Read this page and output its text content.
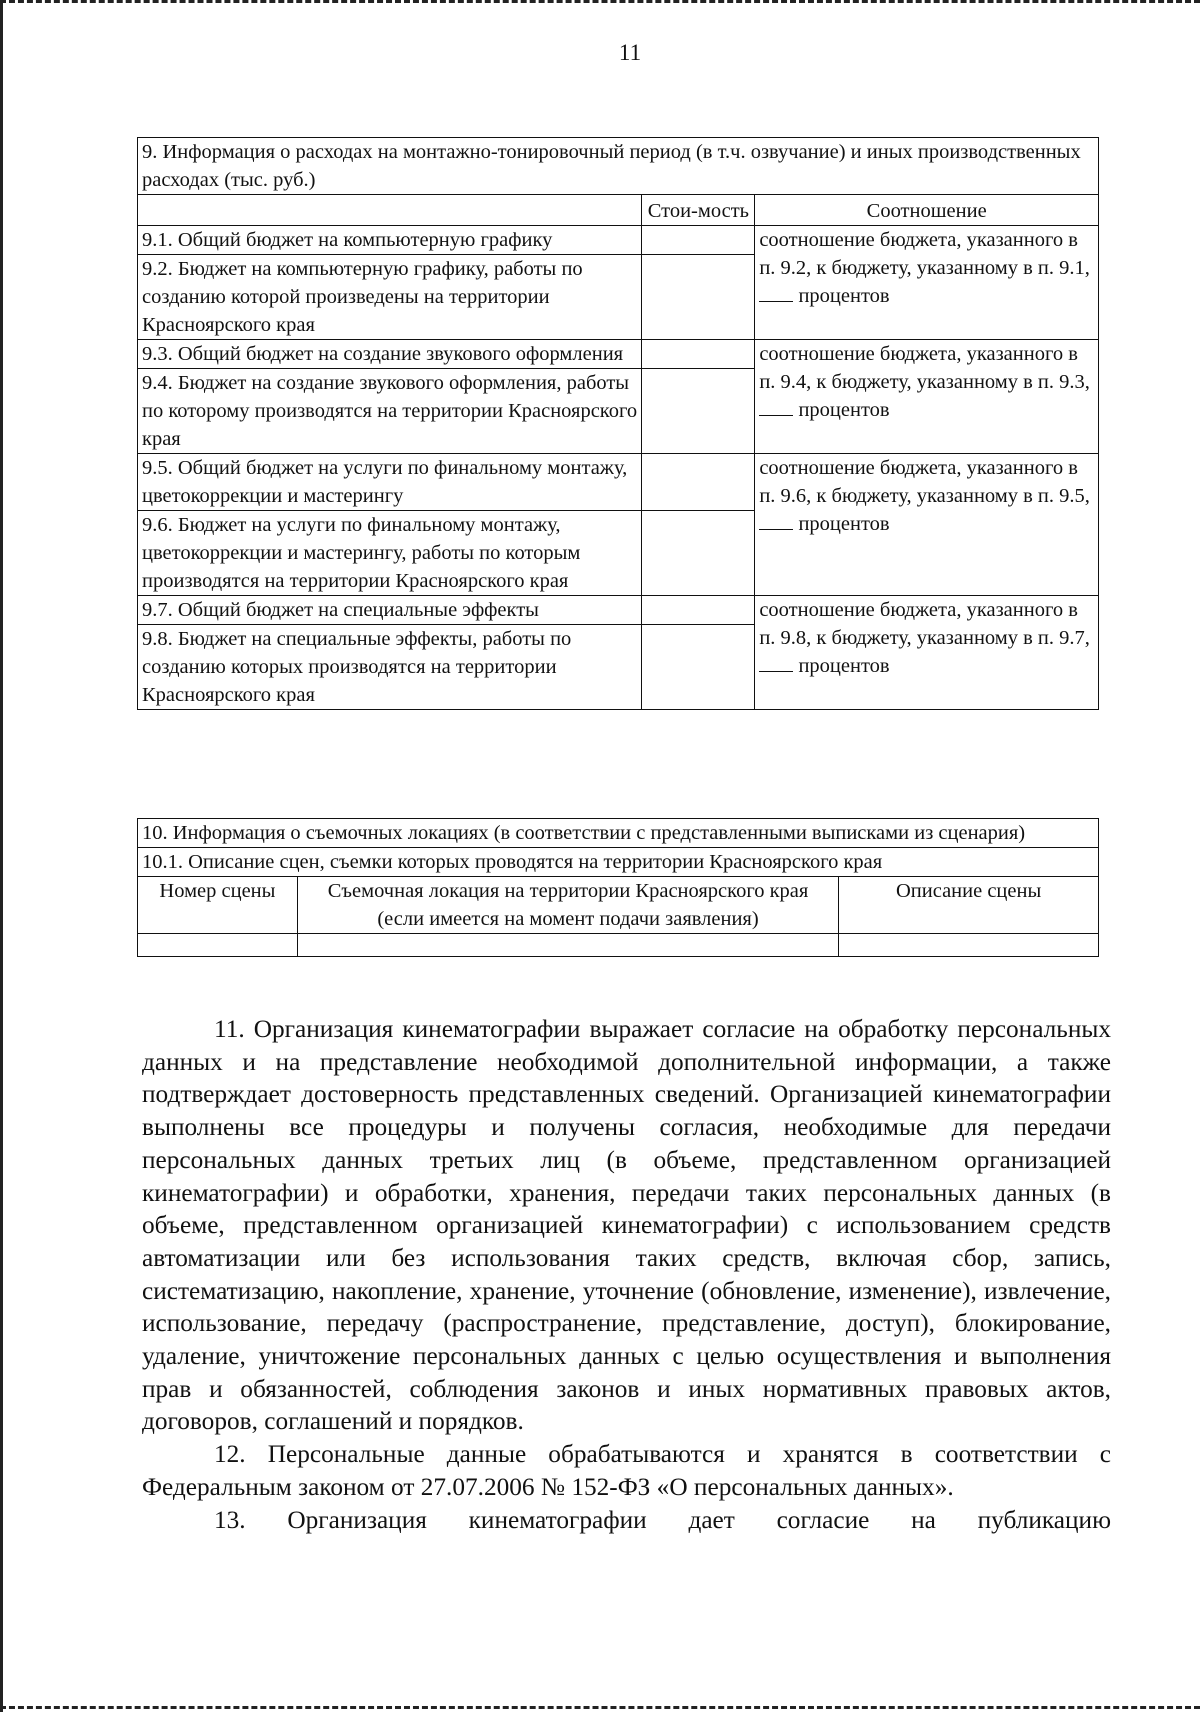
11
9. Информация о расходах на монтажно-тонировочный период (в т.ч. озвучание) и иных производственных расходах (тыс. руб.)		
	Стои-мость	Соотношение
9.1. Общий бюджет на компьютерную графику		соотношение бюджета, указанного в п. 9.2, к бюджету, указанному в п. 9.1,
процентов
9.2. Бюджет на компьютерную графику, работы по созданию которой произведены на территории Красноярского края		
9.3. Общий бюджет на создание звукового оформления		соотношение бюджета, указанного в п. 9.4, к бюджету, указанному в п. 9.3,
процентов
9.4. Бюджет на создание звукового оформления, работы по которому производятся на территории Красноярского края		
9.5. Общий бюджет на услуги по финальному монтажу, цветокоррекции и мастерингу		соотношение бюджета, указанного в п. 9.6, к бюджету, указанному в п. 9.5,
процентов
9.6. Бюджет на услуги по финальному монтажу, цветокоррекции и мастерингу, работы по которым производятся на территории Красноярского края		
9.7. Общий бюджет на специальные эффекты		соотношение бюджета, указанного в п. 9.8, к бюджету, указанному в п. 9.7,
процентов
9.8. Бюджет на специальные эффекты, работы по созданию которых производятся на территории Красноярского края		
10. Информация о съемочных локациях (в соответствии с представленными выписками из сценария)		
10.1. Описание сцен, съемки которых проводятся на территории Красноярского края		
Номер сцены	Съемочная локация на территории Красноярского края (если имеется на момент подачи заявления)	Описание сцены

11. Организация кинематографии выражает согласие на обработку персональных данных и на представление необходимой дополнительной информации, а также подтверждает достоверность представленных сведений. Организацией кинематографии выполнены все процедуры и получены согласия, необходимые для передачи персональных данных третьих лиц (в объеме, представленном организацией кинематографии) и обработки, хранения, передачи таких персональных данных (в объеме, представленном организацией кинематографии) с использованием средств автоматизации или без использования таких средств, включая сбор, запись, систематизацию, накопление, хранение, уточнение (обновление, изменение), извлечение, использование, передачу (распространение, представление, доступ), блокирование, удаление, уничтожение персональных данных с целью осуществления и выполнения прав и обязанностей, соблюдения законов и иных нормативных правовых актов, договоров, соглашений и порядков.

12. Персональные данные обрабатываются и хранятся в соответствии с Федеральным законом от 27.07.2006 № 152-ФЗ «О персональных данных».

13. Организация кинематографии дает согласие на публикацию
